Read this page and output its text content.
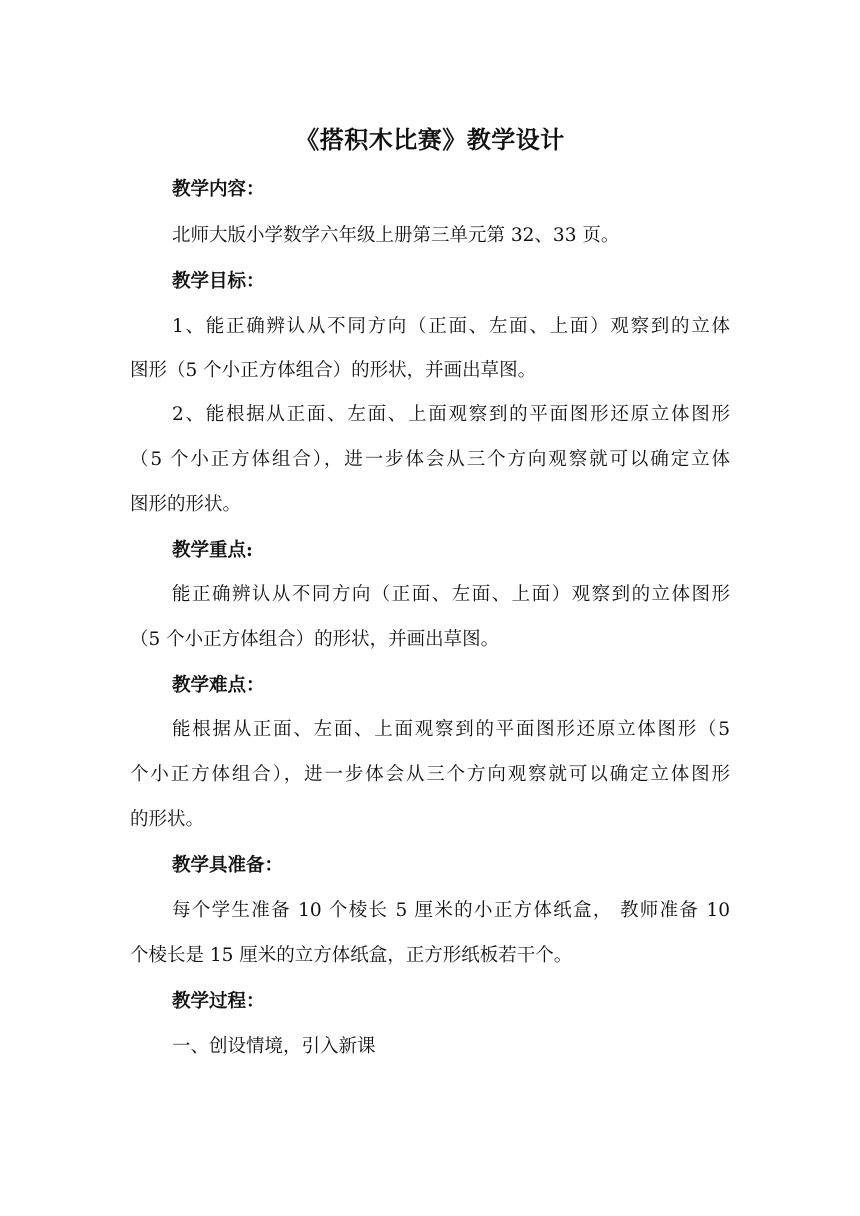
《搭积木比赛》教学设计
教学内容：
北师大版小学数学六年级上册第三单元第 32、33 页。
教学目标：
1、能正确辨认从不同方向（正面、左面、上面）观察到的立体
图形（5 个小正方体组合）的形状，并画出草图。
2、能根据从正面、左面、上面观察到的平面图形还原立体图形
（5 个小正方体组合），进一步体会从三个方向观察就可以确定立体
图形的形状。
教学重点:
能正确辨认从不同方向（正面、左面、上面）观察到的立体图形
（5 个小正方体组合）的形状，并画出草图。
教学难点：
能根据从正面、左面、上面观察到的平面图形还原立体图形（5
个小正方体组合），进一步体会从三个方向观察就可以确定立体图形
的形状。
教学具准备：
每个学生准备 10 个棱长 5 厘米的小正方体纸盒， 教师准备 10
个棱长是 15 厘米的立方体纸盒，正方形纸板若干个。
教学过程：
一、创设情境，引入新课
